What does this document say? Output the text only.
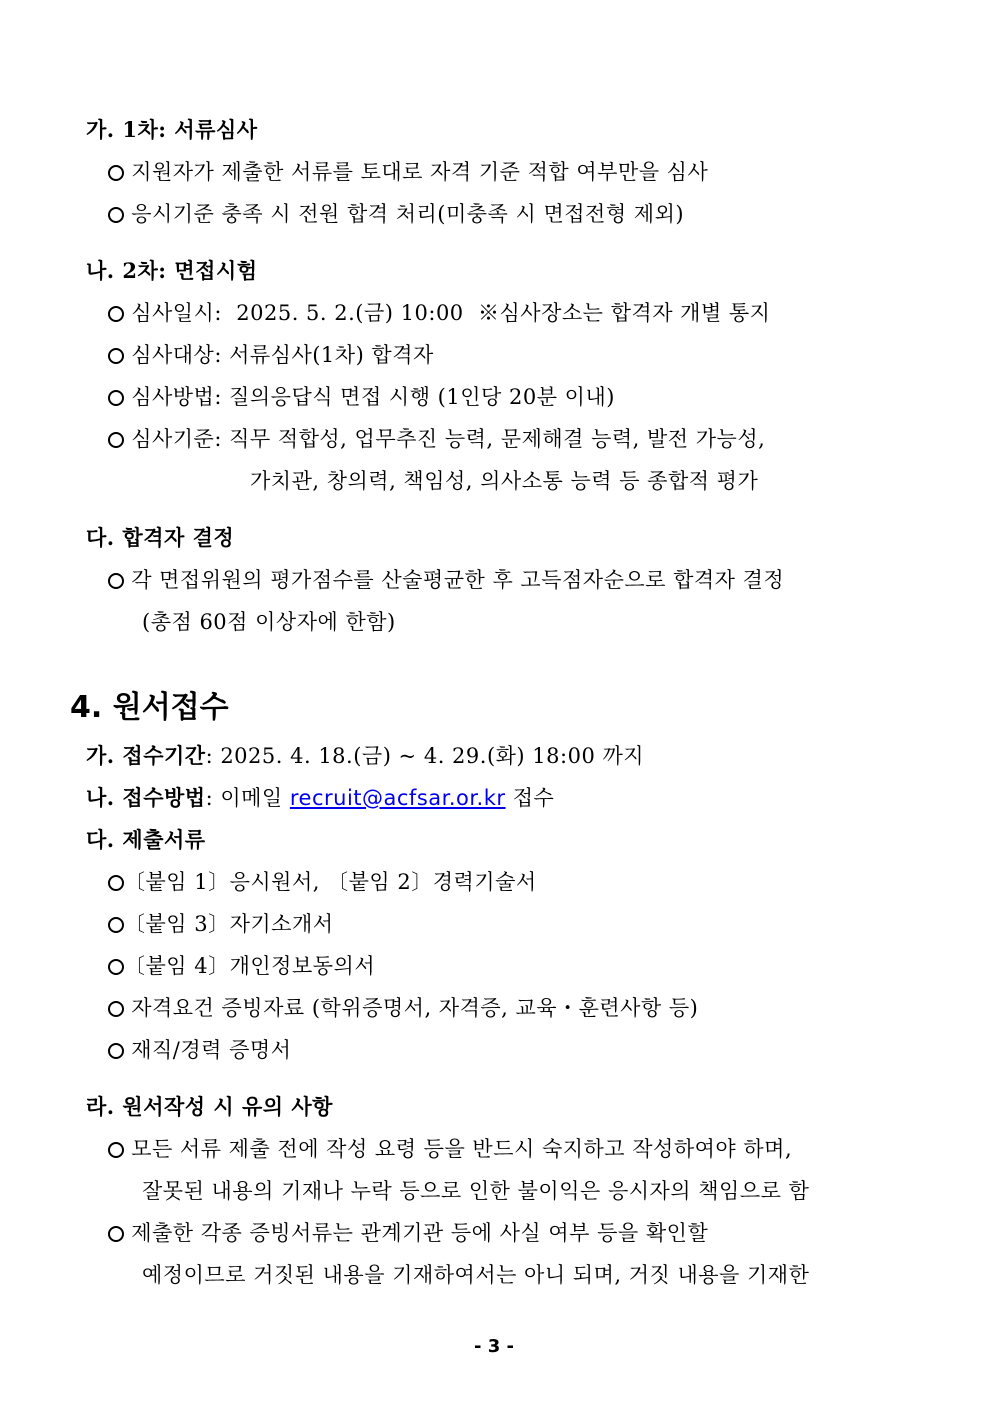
가. 1차: 서류심사
지원자가 제출한 서류를 토대로 자격 기준 적합 여부만을 심사
응시기준 충족 시 전원 합격 처리(미충족 시 면접전형 제외)
나. 2차: 면접시험
심사일시:  2025. 5. 2.(금) 10:00  ※심사장소는 합격자 개별 통지
심사대상: 서류심사(1차) 합격자
심사방법: 질의응답식 면접 시행 (1인당 20분 이내)
심사기준: 직무 적합성, 업무추진 능력, 문제해결 능력, 발전 가능성,
가치관, 창의력, 책임성, 의사소통 능력 등 종합적 평가
다. 합격자 결정
각 면접위원의 평가점수를 산술평균한 후 고득점자순으로 합격자 결정
(총점 60점 이상자에 한함)
4. 원서접수
가. 접수기간: 2025. 4. 18.(금) ~ 4. 29.(화) 18:00 까지
나. 접수방법: 이메일 recruit@acfsar.or.kr 접수
다. 제출서류
〔붙임 1〕응시원서, 〔붙임 2〕경력기술서
〔붙임 3〕자기소개서
〔붙임 4〕개인정보동의서
자격요건 증빙자료 (학위증명서, 자격증, 교육・훈련사항 등)
재직/경력 증명서
라. 원서작성 시 유의 사항
모든 서류 제출 전에 작성 요령 등을 반드시 숙지하고 작성하여야 하며,
잘못된 내용의 기재나 누락 등으로 인한 불이익은 응시자의 책임으로 함
제출한 각종 증빙서류는 관계기관 등에 사실 여부 등을 확인할
예정이므로 거짓된 내용을 기재하여서는 아니 되며, 거짓 내용을 기재한
- 3 -
